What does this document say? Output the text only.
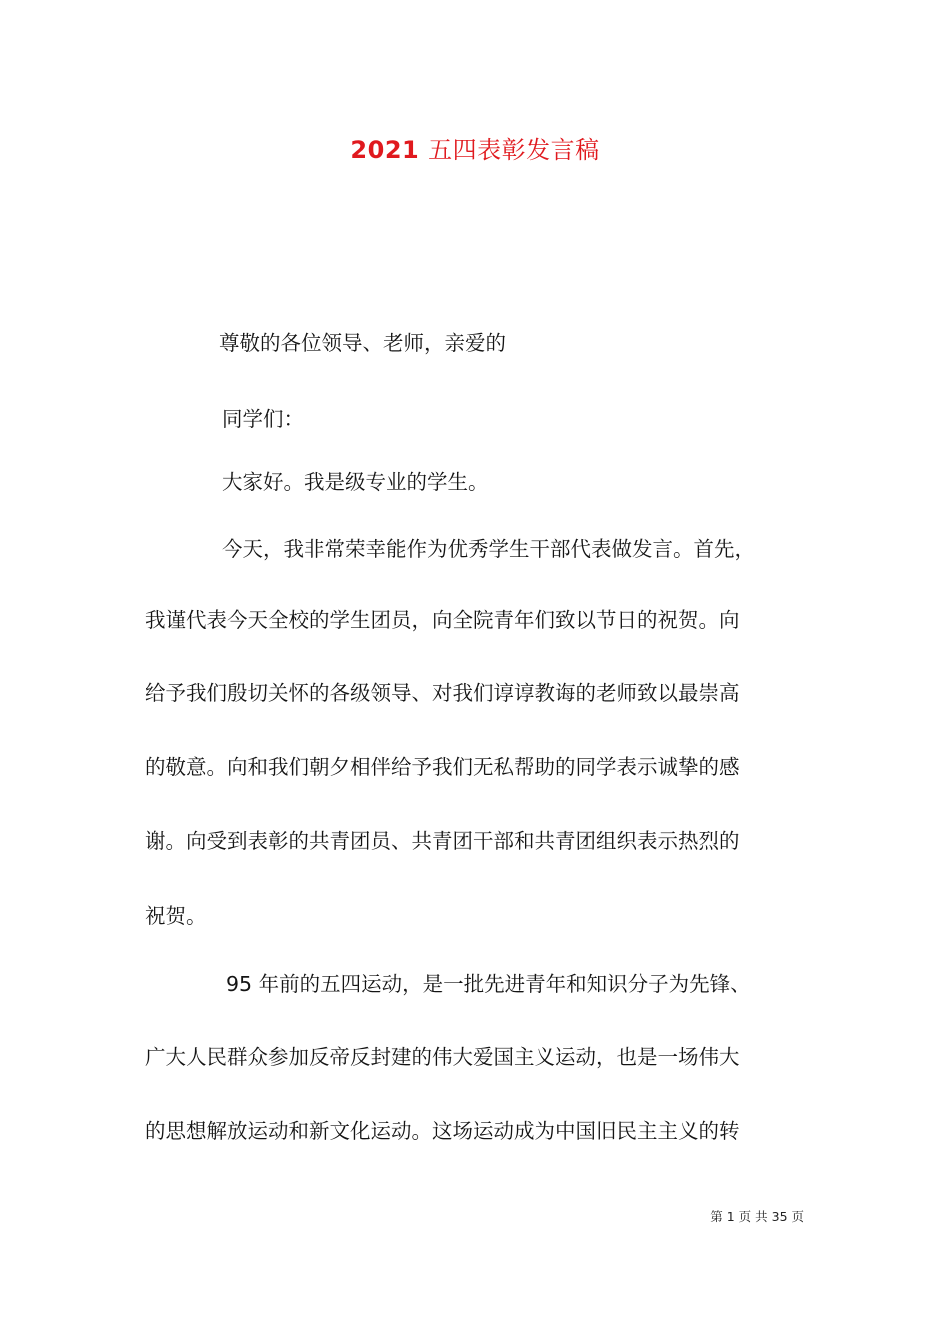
2021 五四表彰发言稿
尊敬的各位领导、老师，亲爱的
同学们：
大家好。我是级专业的学生。
今天，我非常荣幸能作为优秀学生干部代表做发言。首先，
我谨代表今天全校的学生团员，向全院青年们致以节日的祝贺。向
给予我们殷切关怀的各级领导、对我们谆谆教诲的老师致以最崇高
的敬意。向和我们朝夕相伴给予我们无私帮助的同学表示诚挚的感
谢。向受到表彰的共青团员、共青团干部和共青团组织表示热烈的
祝贺。
95 年前的五四运动，是一批先进青年和知识分子为先锋、
广大人民群众参加反帝反封建的伟大爱国主义运动，也是一场伟大
的思想解放运动和新文化运动。这场运动成为中国旧民主主义的转
第 1 页 共 35 页
